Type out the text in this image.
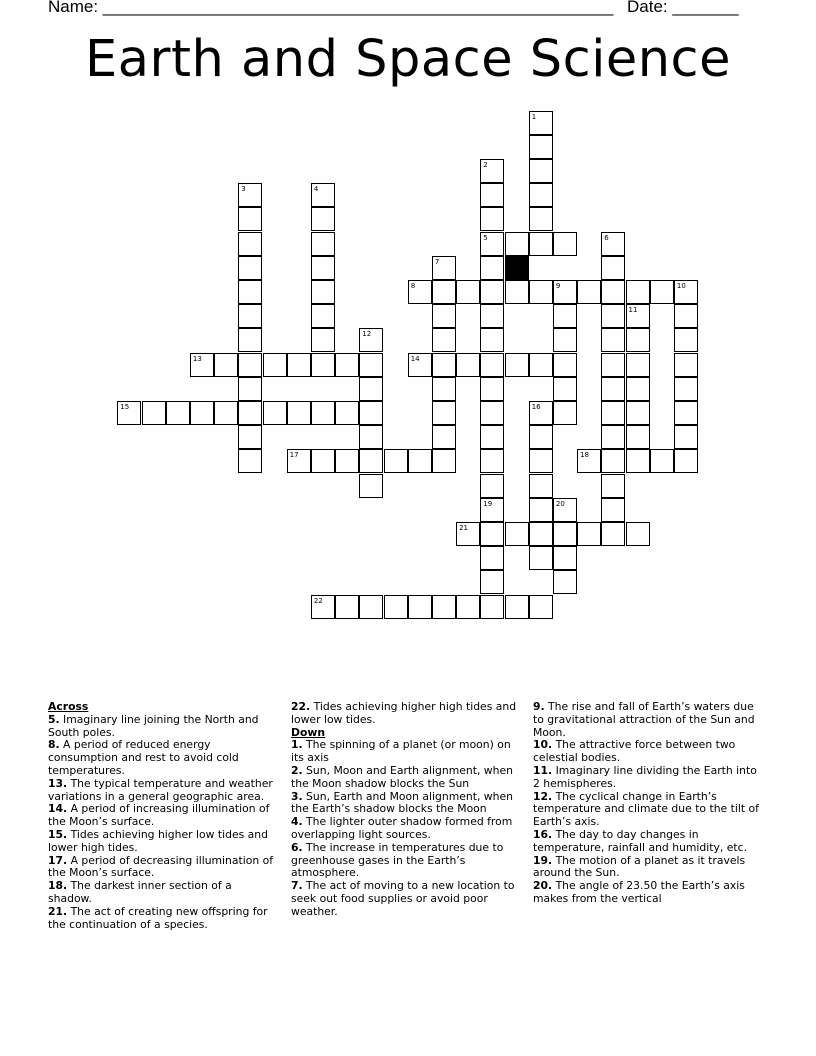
Name: ______________________________________________________ Date: _______
Earth and Space Science
1
2
5
19
3	4
6
7
8	9	10
11
12
13	14
15	16
17	18
20
21
22
Across
5. Imaginary line joining the North and South poles.
8. A period of reduced energy consumption and rest to avoid cold temperatures.
13. The typical temperature and weather variations in a general geographic area.
14. A period of increasing illumination of the Moon’s surface.
15. Tides achieving higher low tides and lower high tides.
17. A period of decreasing illumination of the Moon’s surface.
18. The darkest inner section of a shadow.
21. The act of creating new offspring for the continuation of a species.
22. Tides achieving higher high tides and lower low tides.
Down
1. The spinning of a planet (or moon) on its axis
2. Sun, Moon and Earth alignment, when the Moon shadow blocks the Sun
3. Sun, Earth and Moon alignment, when the Earth’s shadow blocks the Moon
4. The lighter outer shadow formed from overlapping light sources.
6. The increase in temperatures due to greenhouse gases in the Earth’s atmosphere.
7. The act of moving to a new location to seek out food supplies or avoid poor weather.
9. The rise and fall of Earth’s waters due to gravitational attraction of the Sun and Moon.
10. The attractive force between two celestial bodies.
11. Imaginary line dividing the Earth into 2 hemispheres.
12. The cyclical change in Earth’s temperature and climate due to the tilt of Earth’s axis.
16. The day to day changes in temperature, rainfall and humidity, etc.
19. The motion of a planet as it travels around the Sun.
20. The angle of 23.50 the Earth’s axis makes from the vertical
